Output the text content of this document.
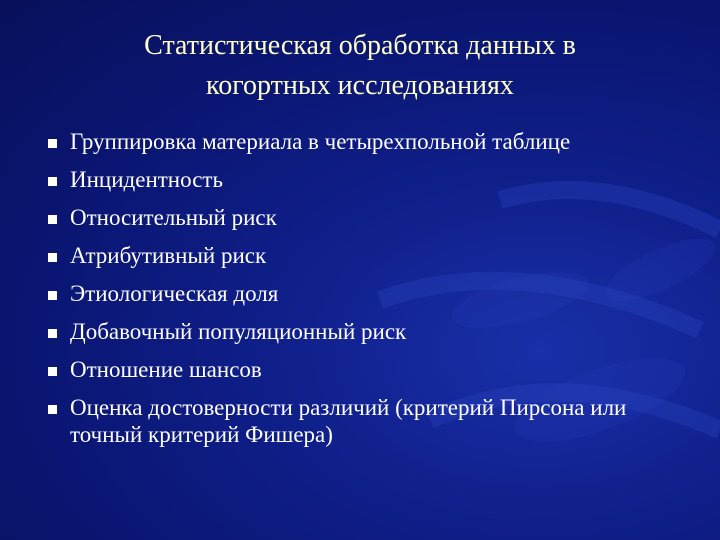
Статистическая обработка данных в
когортных исследованиях
Группировка материала в четырехпольной таблице
Инцидентность
Относительный риск
Атрибутивный риск
Этиологическая доля
Добавочный популяционный риск
Отношение шансов
Оценка достоверности различий (критерий Пирсона или точный критерий Фишера)
